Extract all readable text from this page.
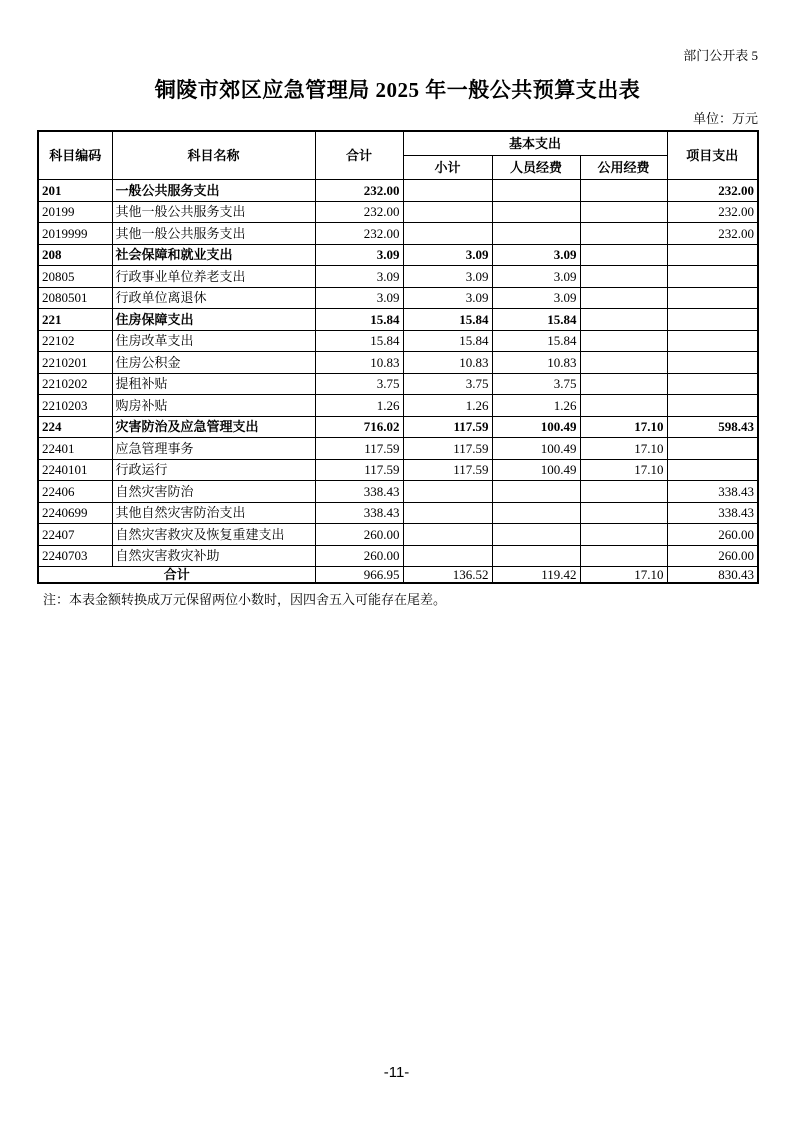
部门公开表 5
铜陵市郊区应急管理局 2025 年一般公共预算支出表
单位：万元
科目编码	科目名称	合计	基本支出			项目支出
			小计	人员经费	公用经费	
201	一般公共服务支出	232.00				232.00
20199	其他一般公共服务支出	232.00				232.00
2019999	其他一般公共服务支出	232.00				232.00
208	社会保障和就业支出	3.09	3.09	3.09		
20805	行政事业单位养老支出	3.09	3.09	3.09		
2080501	行政单位离退休	3.09	3.09	3.09		
221	住房保障支出	15.84	15.84	15.84		
22102	住房改革支出	15.84	15.84	15.84		
2210201	住房公积金	10.83	10.83	10.83		
2210202	提租补贴	3.75	3.75	3.75		
2210203	购房补贴	1.26	1.26	1.26		
224	灾害防治及应急管理支出	716.02	117.59	100.49	17.10	598.43
22401	应急管理事务	117.59	117.59	100.49	17.10	
2240101	行政运行	117.59	117.59	100.49	17.10	
22406	自然灾害防治	338.43				338.43
2240699	其他自然灾害防治支出	338.43				338.43
22407	自然灾害救灾及恢复重建支出	260.00				260.00
2240703	自然灾害救灾补助	260.00				260.00
合计		966.95	136.52	119.42	17.10	830.43
注：本表金额转换成万元保留两位小数时，因四舍五入可能存在尾差。
-11-
